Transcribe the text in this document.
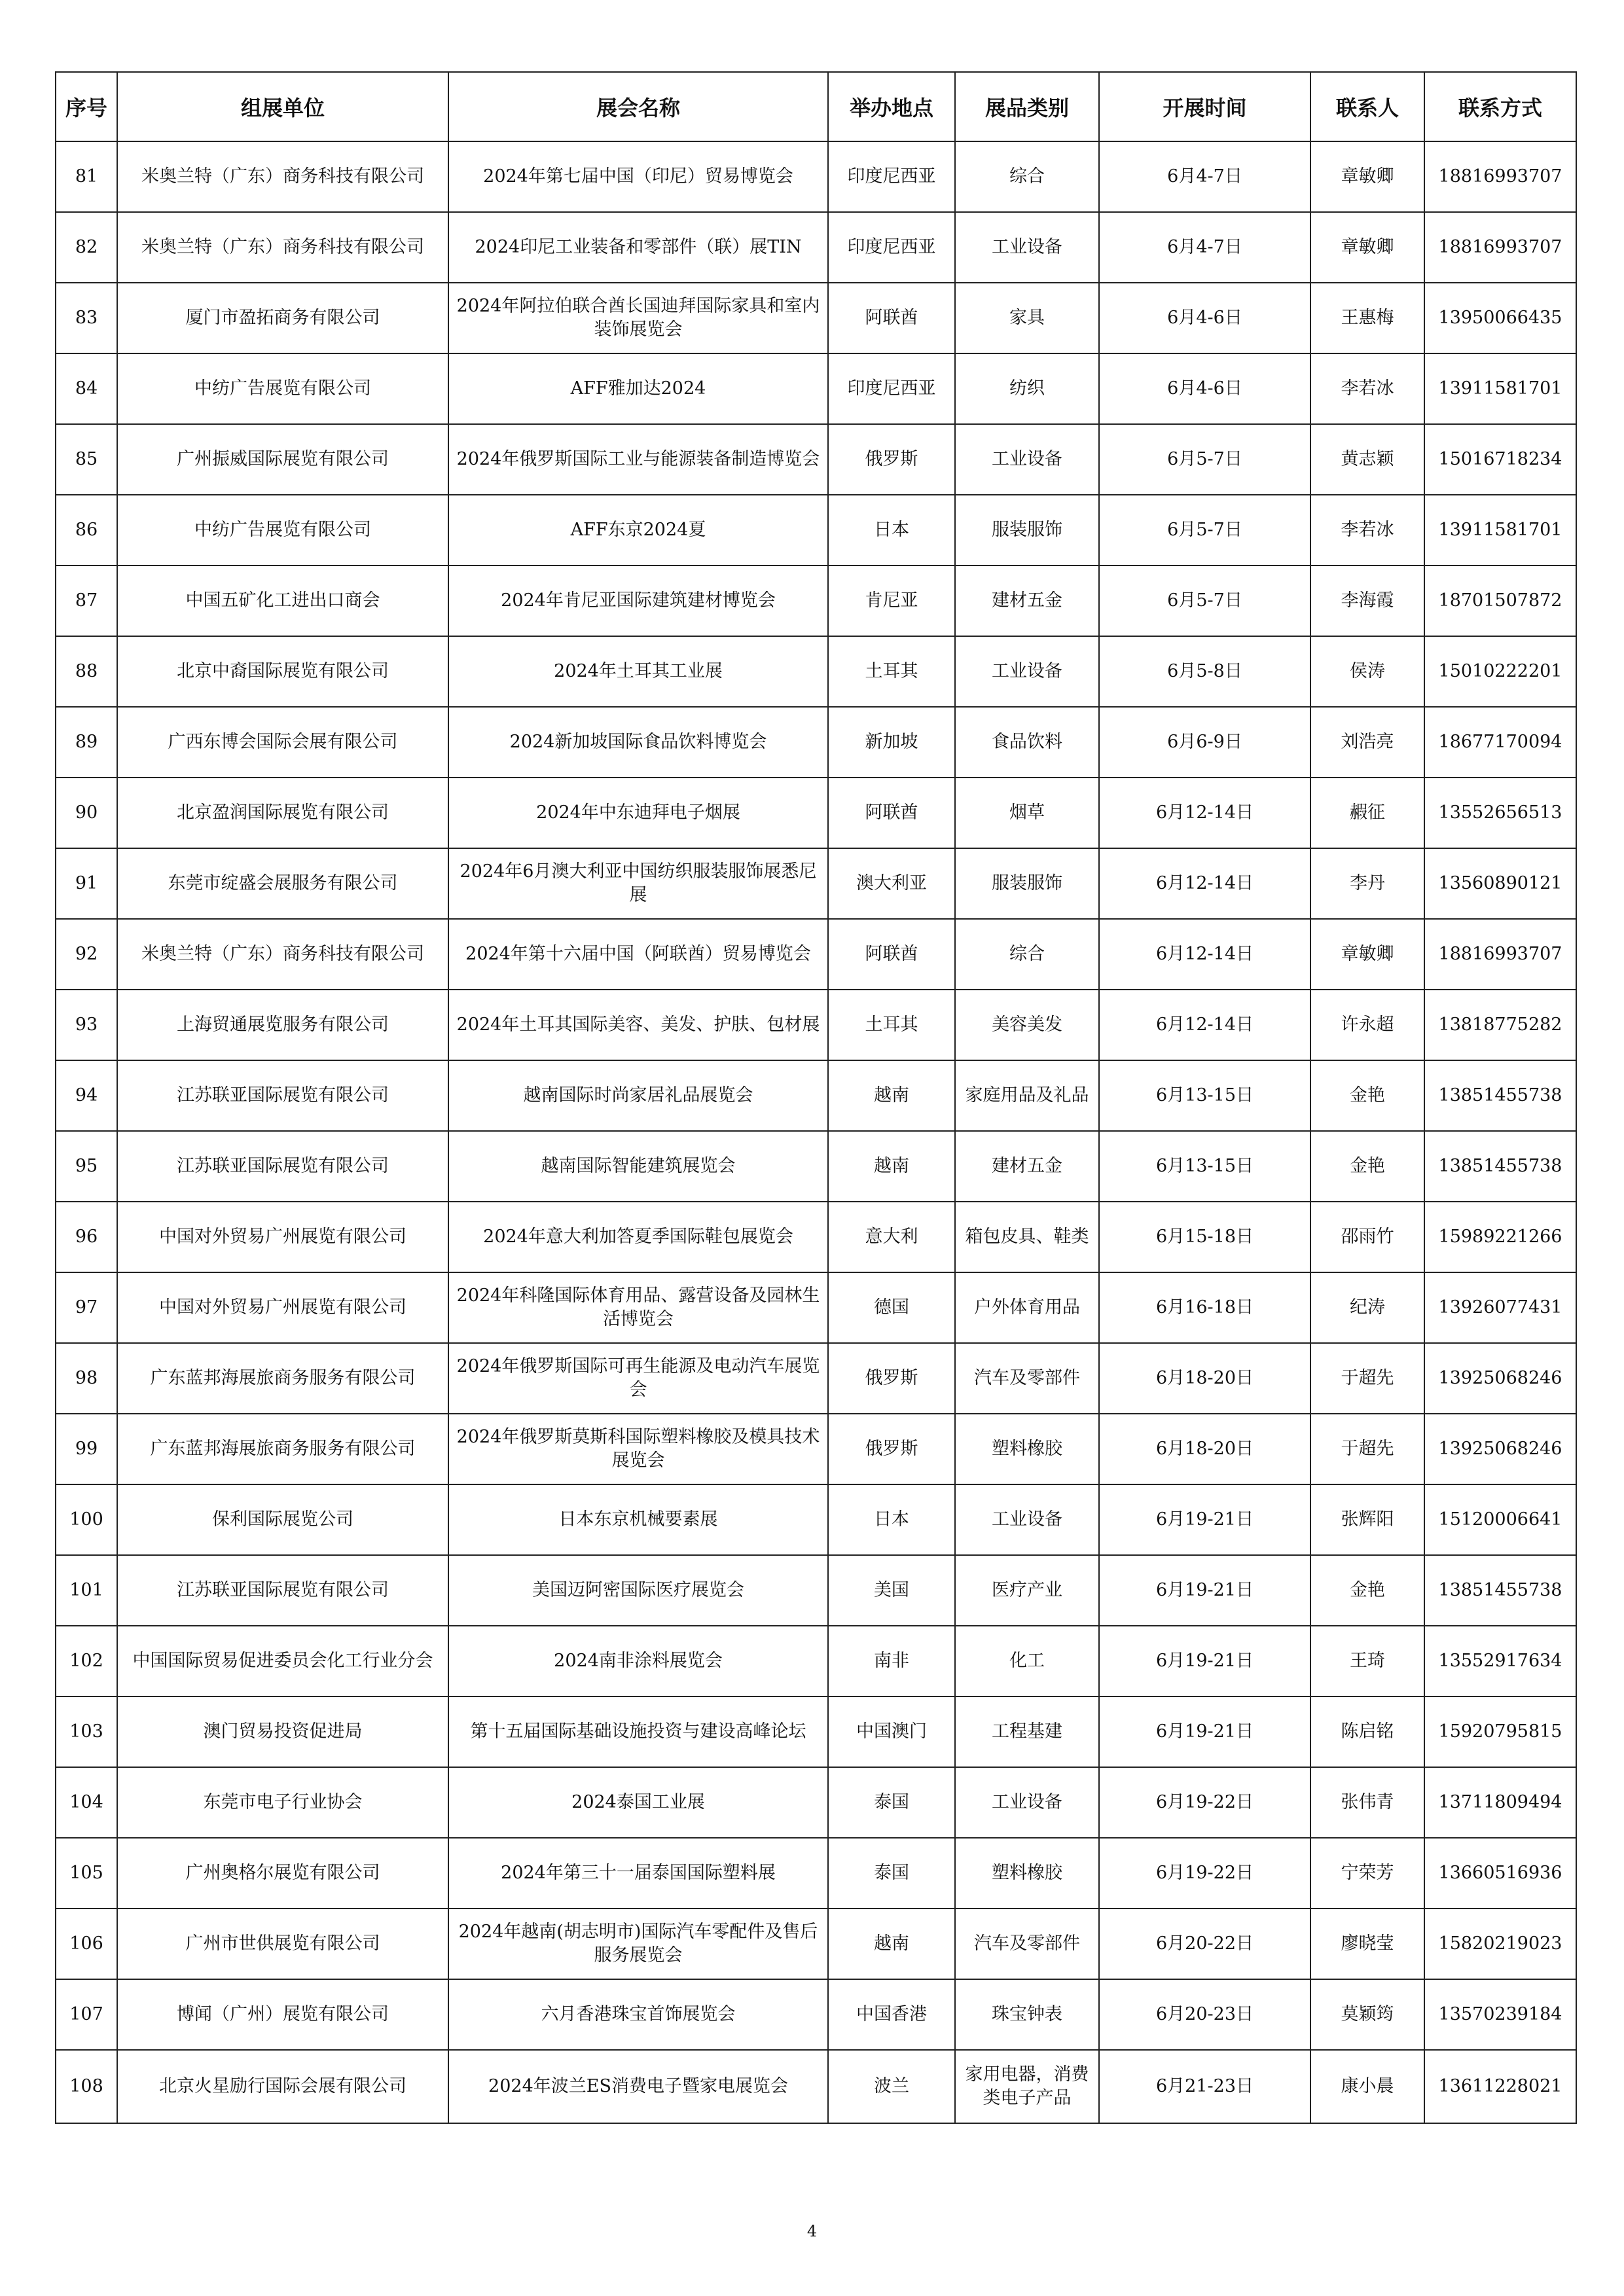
序号	组展单位	展会名称	举办地点	展品类别	开展时间	联系人	联系方式
81	米奥兰特（广东）商务科技有限公司	2024年第七届中国（印尼）贸易博览会	印度尼西亚	综合	6月4-7日	章敏卿	18816993707
82	米奥兰特（广东）商务科技有限公司	2024印尼工业装备和零部件（联）展TIN	印度尼西亚	工业设备	6月4-7日	章敏卿	18816993707
83	厦门市盈拓商务有限公司	2024年阿拉伯联合酋长国迪拜国际家具和室内装饰展览会	阿联酋	家具	6月4-6日	王惠梅	13950066435
84	中纺广告展览有限公司	AFF雅加达2024	印度尼西亚	纺织	6月4-6日	李若冰	13911581701
85	广州振威国际展览有限公司	2024年俄罗斯国际工业与能源装备制造博览会	俄罗斯	工业设备	6月5-7日	黄志颖	15016718234
86	中纺广告展览有限公司	AFF东京2024夏	日本	服装服饰	6月5-7日	李若冰	13911581701
87	中国五矿化工进出口商会	2024年肯尼亚国际建筑建材博览会	肯尼亚	建材五金	6月5-7日	李海霞	18701507872
88	北京中裔国际展览有限公司	2024年土耳其工业展	土耳其	工业设备	6月5-8日	侯涛	15010222201
89	广西东博会国际会展有限公司	2024新加坡国际食品饮料博览会	新加坡	食品饮料	6月6-9日	刘浩亮	18677170094
90	北京盈润国际展览有限公司	2024年中东迪拜电子烟展	阿联酋	烟草	6月12-14日	赮征	13552656513
91	东莞市绽盛会展服务有限公司	2024年6月澳大利亚中国纺织服装服饰展悉尼展	澳大利亚	服装服饰	6月12-14日	李丹	13560890121
92	米奥兰特（广东）商务科技有限公司	2024年第十六届中国（阿联酋）贸易博览会	阿联酋	综合	6月12-14日	章敏卿	18816993707
93	上海贸通展览服务有限公司	2024年土耳其国际美容、美发、护肤、包材展	土耳其	美容美发	6月12-14日	许永超	13818775282
94	江苏联亚国际展览有限公司	越南国际时尚家居礼品展览会	越南	家庭用品及礼品	6月13-15日	金艳	13851455738
95	江苏联亚国际展览有限公司	越南国际智能建筑展览会	越南	建材五金	6月13-15日	金艳	13851455738
96	中国对外贸易广州展览有限公司	2024年意大利加答夏季国际鞋包展览会	意大利	箱包皮具、鞋类	6月15-18日	邵雨竹	15989221266
97	中国对外贸易广州展览有限公司	2024年科隆国际体育用品、露营设备及园林生活博览会	德国	户外体育用品	6月16-18日	纪涛	13926077431
98	广东蓝邦海展旅商务服务有限公司	2024年俄罗斯国际可再生能源及电动汽车展览会	俄罗斯	汽车及零部件	6月18-20日	于超先	13925068246
99	广东蓝邦海展旅商务服务有限公司	2024年俄罗斯莫斯科国际塑料橡胶及模具技术展览会	俄罗斯	塑料橡胶	6月18-20日	于超先	13925068246
100	保利国际展览公司	日本东京机械要素展	日本	工业设备	6月19-21日	张辉阳	15120006641
101	江苏联亚国际展览有限公司	美国迈阿密国际医疗展览会	美国	医疗产业	6月19-21日	金艳	13851455738
102	中国国际贸易促进委员会化工行业分会	2024南非涂料展览会	南非	化工	6月19-21日	王琦	13552917634
103	澳门贸易投资促进局	第十五届国际基础设施投资与建设高峰论坛	中国澳门	工程基建	6月19-21日	陈启铭	15920795815
104	东莞市电子行业协会	2024泰国工业展	泰国	工业设备	6月19-22日	张伟青	13711809494
105	广州奥格尔展览有限公司	2024年第三十一届泰国国际塑料展	泰国	塑料橡胶	6月19-22日	宁荣芳	13660516936
106	广州市世供展览有限公司	2024年越南(胡志明市)国际汽车零配件及售后服务展览会	越南	汽车及零部件	6月20-22日	廖晓莹	15820219023
107	博闻（广州）展览有限公司	六月香港珠宝首饰展览会	中国香港	珠宝钟表	6月20-23日	莫颖筠	13570239184
108	北京火星励行国际会展有限公司	2024年波兰ES消费电子暨家电展览会	波兰	家用电器，消费类电子产品	6月21-23日	康小晨	13611228021
4
